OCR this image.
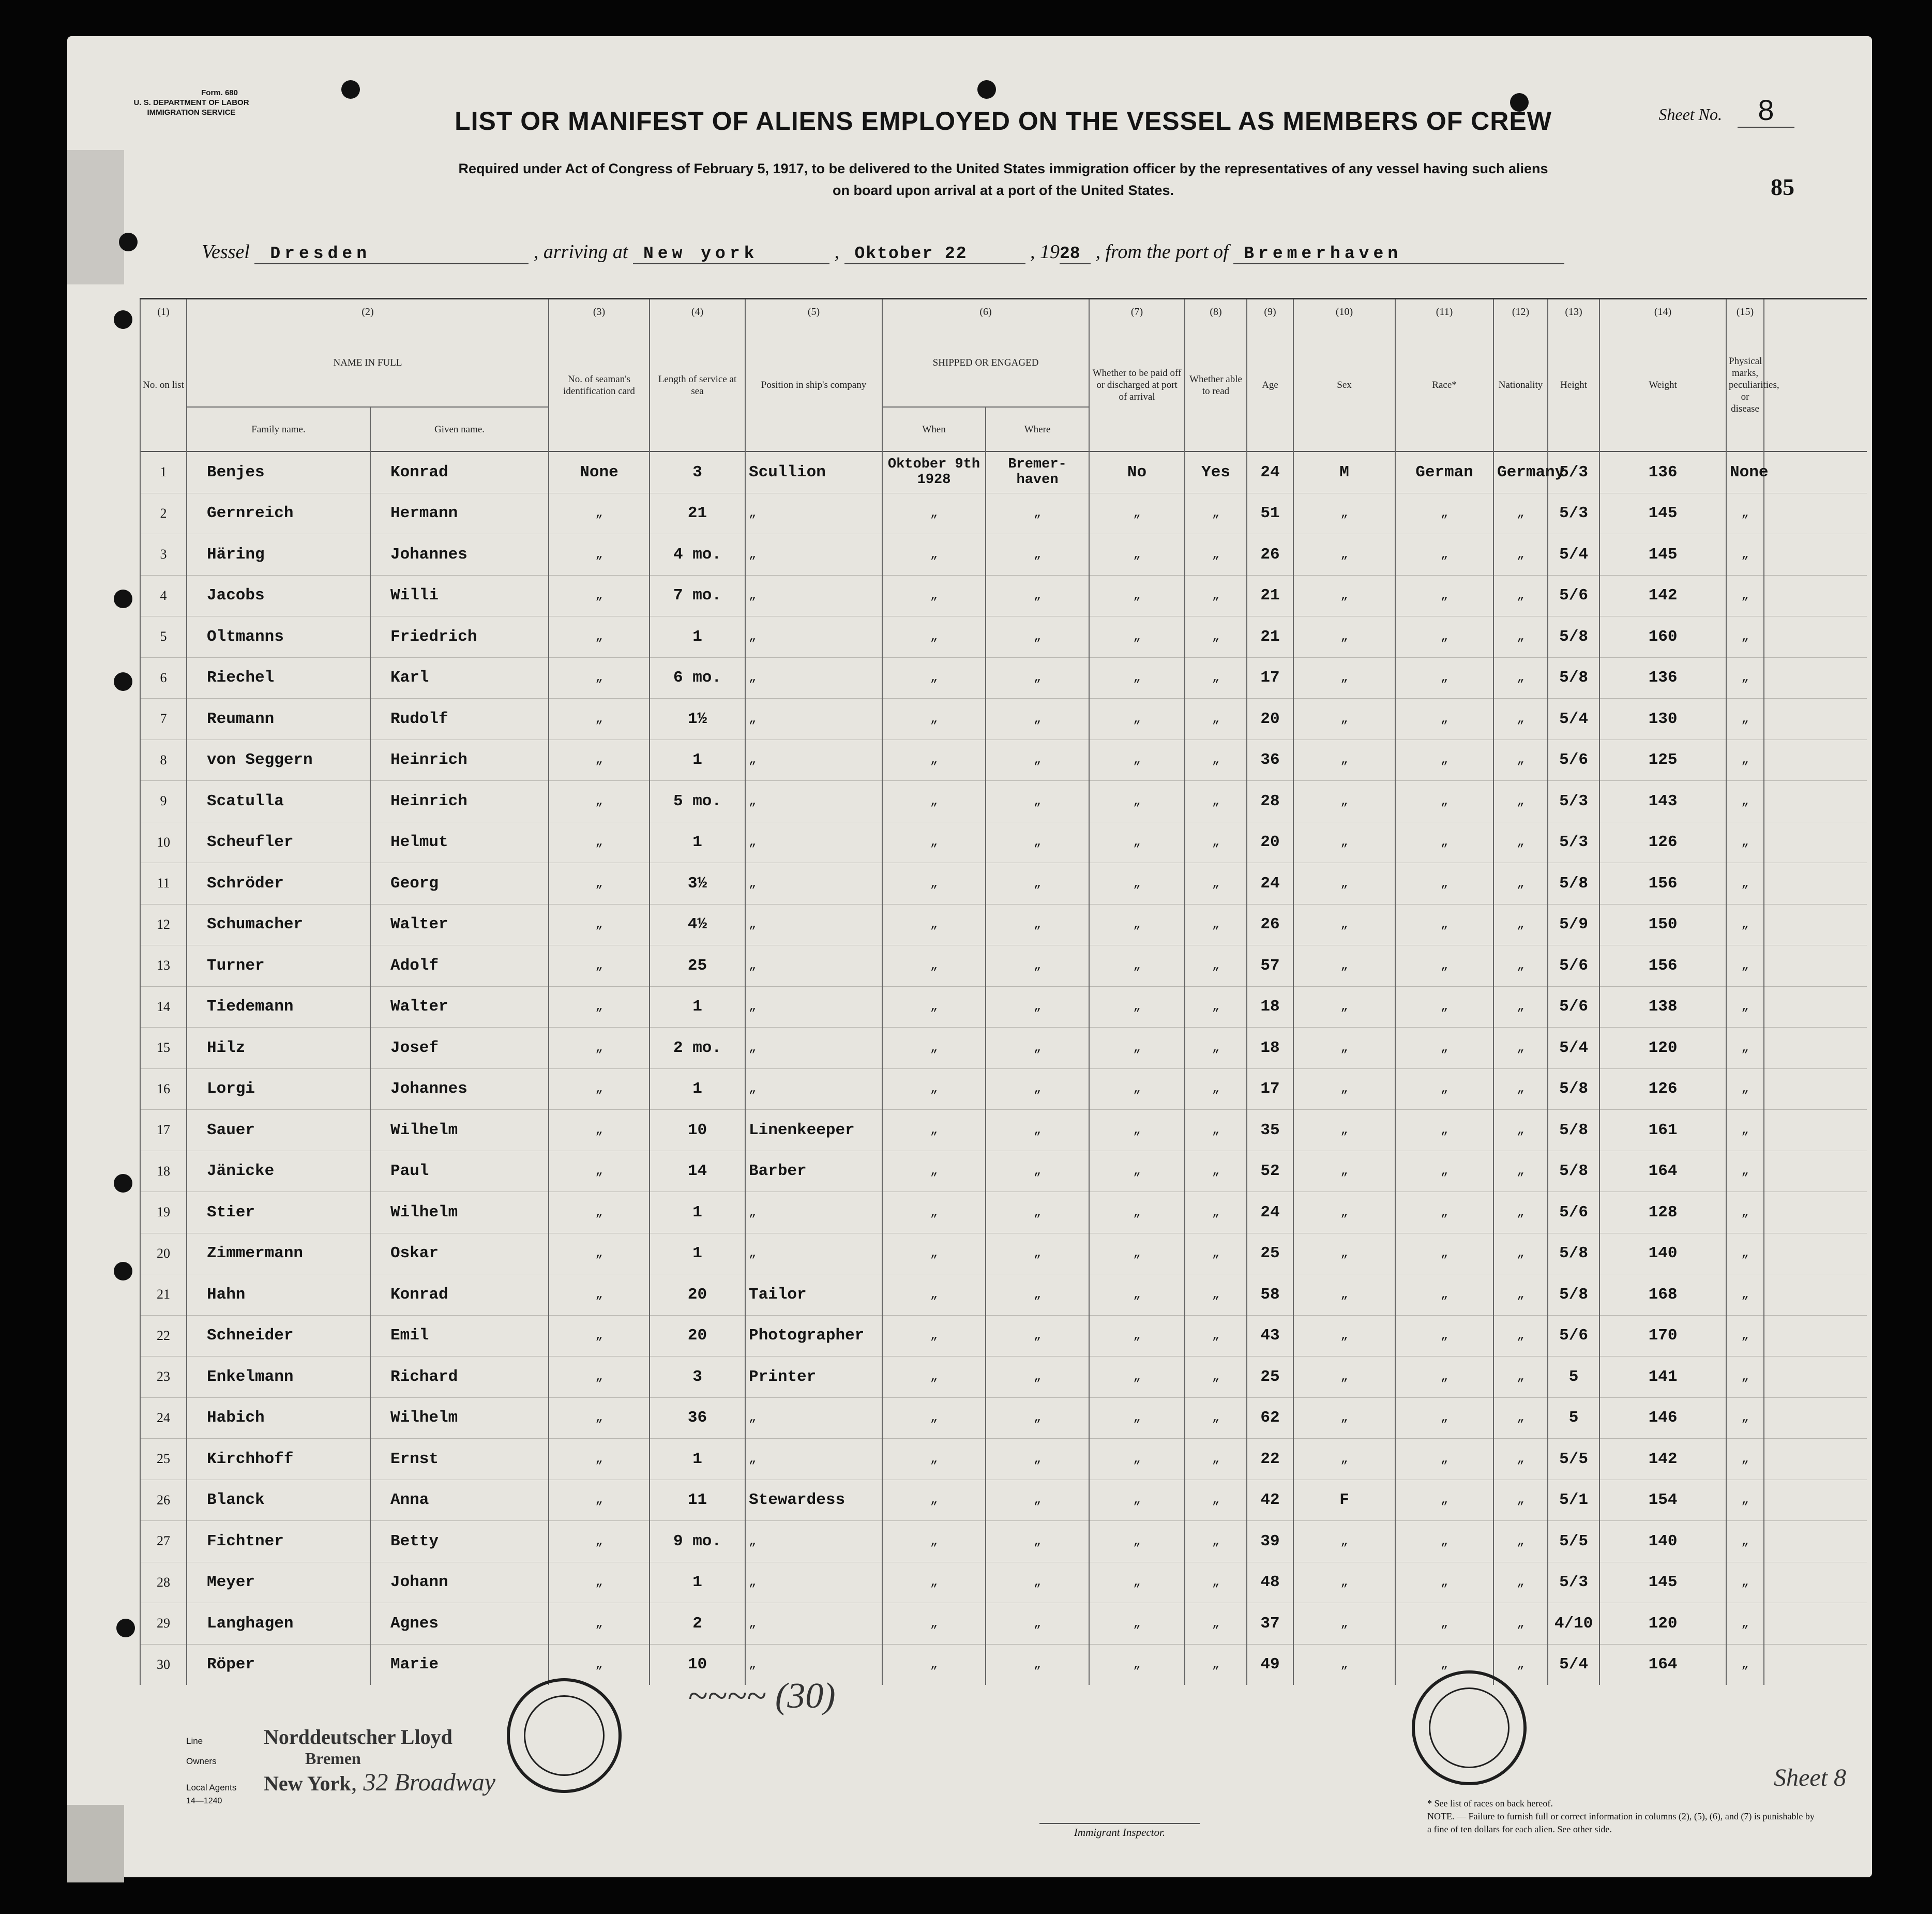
Form. 680
U. S. DEPARTMENT OF LABOR
IMMIGRATION SERVICE	Sheet No. 8
85
LIST OR MANIFEST OF ALIENS EMPLOYED ON THE VESSEL AS MEMBERS OF CREW
Required under Act of Congress of February 5, 1917, to be delivered to the United States immigration officer by the representatives of any vessel having such aliens
on board upon arrival at a port of the United States.
Vessel Dresden	, arriving at New york	, Oktober 22	, 1928 , from the port of Bremerhaven
(1)	(2)		(3)	(4)	(5)	(6)		(7)	(8)	(9)	(10)	(11)	(12)	(13)	(14)	(15)	
No. on list	NAME IN FULL		No. of seaman's identification card	Length of service at sea	Position in ship's company	SHIPPED OR ENGAGED		Whether to be paid off or discharged at port of arrival	Whether able to read	Age	Sex	Race*	Nationality	Height	Weight	Physical marks, peculiarities, or disease	
	Family name.	Given name.				When	Where										
1	Benjes	Konrad	None	3	Scullion	Oktober 9th 1928	Bremer- haven	No	Yes	24	M	German	Germany	5/3	136	None	
2	Gernreich	Hermann	„	21	„	„	„	„	„	51	„	„	„	5/3	145	„	
3	Häring	Johannes	„	4 mo.	„	„	„	„	„	26	„	„	„	5/4	145	„	
4	Jacobs	Willi	„	7 mo.	„	„	„	„	„	21	„	„	„	5/6	142	„	
5	Oltmanns	Friedrich	„	1	„	„	„	„	„	21	„	„	„	5/8	160	„	
6	Riechel	Karl	„	6 mo.	„	„	„	„	„	17	„	„	„	5/8	136	„	
7	Reumann	Rudolf	„	1½	„	„	„	„	„	20	„	„	„	5/4	130	„	
8	von Seggern	Heinrich	„	1	„	„	„	„	„	36	„	„	„	5/6	125	„	
9	Scatulla	Heinrich	„	5 mo.	„	„	„	„	„	28	„	„	„	5/3	143	„	
10	Scheufler	Helmut	„	1	„	„	„	„	„	20	„	„	„	5/3	126	„	
11	Schröder	Georg	„	3½	„	„	„	„	„	24	„	„	„	5/8	156	„	
12	Schumacher	Walter	„	4½	„	„	„	„	„	26	„	„	„	5/9	150	„	
13	Turner	Adolf	„	25	„	„	„	„	„	57	„	„	„	5/6	156	„	
14	Tiedemann	Walter	„	1	„	„	„	„	„	18	„	„	„	5/6	138	„	
15	Hilz	Josef	„	2 mo.	„	„	„	„	„	18	„	„	„	5/4	120	„	
16	Lorgi	Johannes	„	1	„	„	„	„	„	17	„	„	„	5/8	126	„	
17	Sauer	Wilhelm	„	10	Linenkeeper	„	„	„	„	35	„	„	„	5/8	161	„	
18	Jänicke	Paul	„	14	Barber	„	„	„	„	52	„	„	„	5/8	164	„	
19	Stier	Wilhelm	„	1	„	„	„	„	„	24	„	„	„	5/6	128	„	
20	Zimmermann	Oskar	„	1	„	„	„	„	„	25	„	„	„	5/8	140	„	
21	Hahn	Konrad	„	20	Tailor	„	„	„	„	58	„	„	„	5/8	168	„	
22	Schneider	Emil	„	20	Photographer	„	„	„	„	43	„	„	„	5/6	170	„	
23	Enkelmann	Richard	„	3	Printer	„	„	„	„	25	„	„	„	5	141	„	
24	Habich	Wilhelm	„	36	„	„	„	„	„	62	„	„	„	5	146	„	
25	Kirchhoff	Ernst	„	1	„	„	„	„	„	22	„	„	„	5/5	142	„	
26	Blanck	Anna	„	11	Stewardess	„	„	„	„	42	F	„	„	5/1	154	„	
27	Fichtner	Betty	„	9 mo.	„	„	„	„	„	39	„	„	„	5/5	140	„	
28	Meyer	Johann	„	1	„	„	„	„	„	48	„	„	„	5/3	145	„	
29	Langhagen	Agnes	„	2	„	„	„	„	„	37	„	„	„	4/10	120	„	
30	Röper	Marie	„	10	„	„	„	„	„	49	„	„	„	5/4	164	„	
~~~~ (30)
Immigrant Inspector.
Sheet 8
Line	Norddeutscher Lloyd
Owners	Bremen
Local Agents New York, 32 Broadway
14—1240	* See list of races on back hereof.
NOTE. — Failure to furnish full or correct information in columns (2), (5), (6), and (7) is punishable by a fine of ten dollars for each alien. See other side.
